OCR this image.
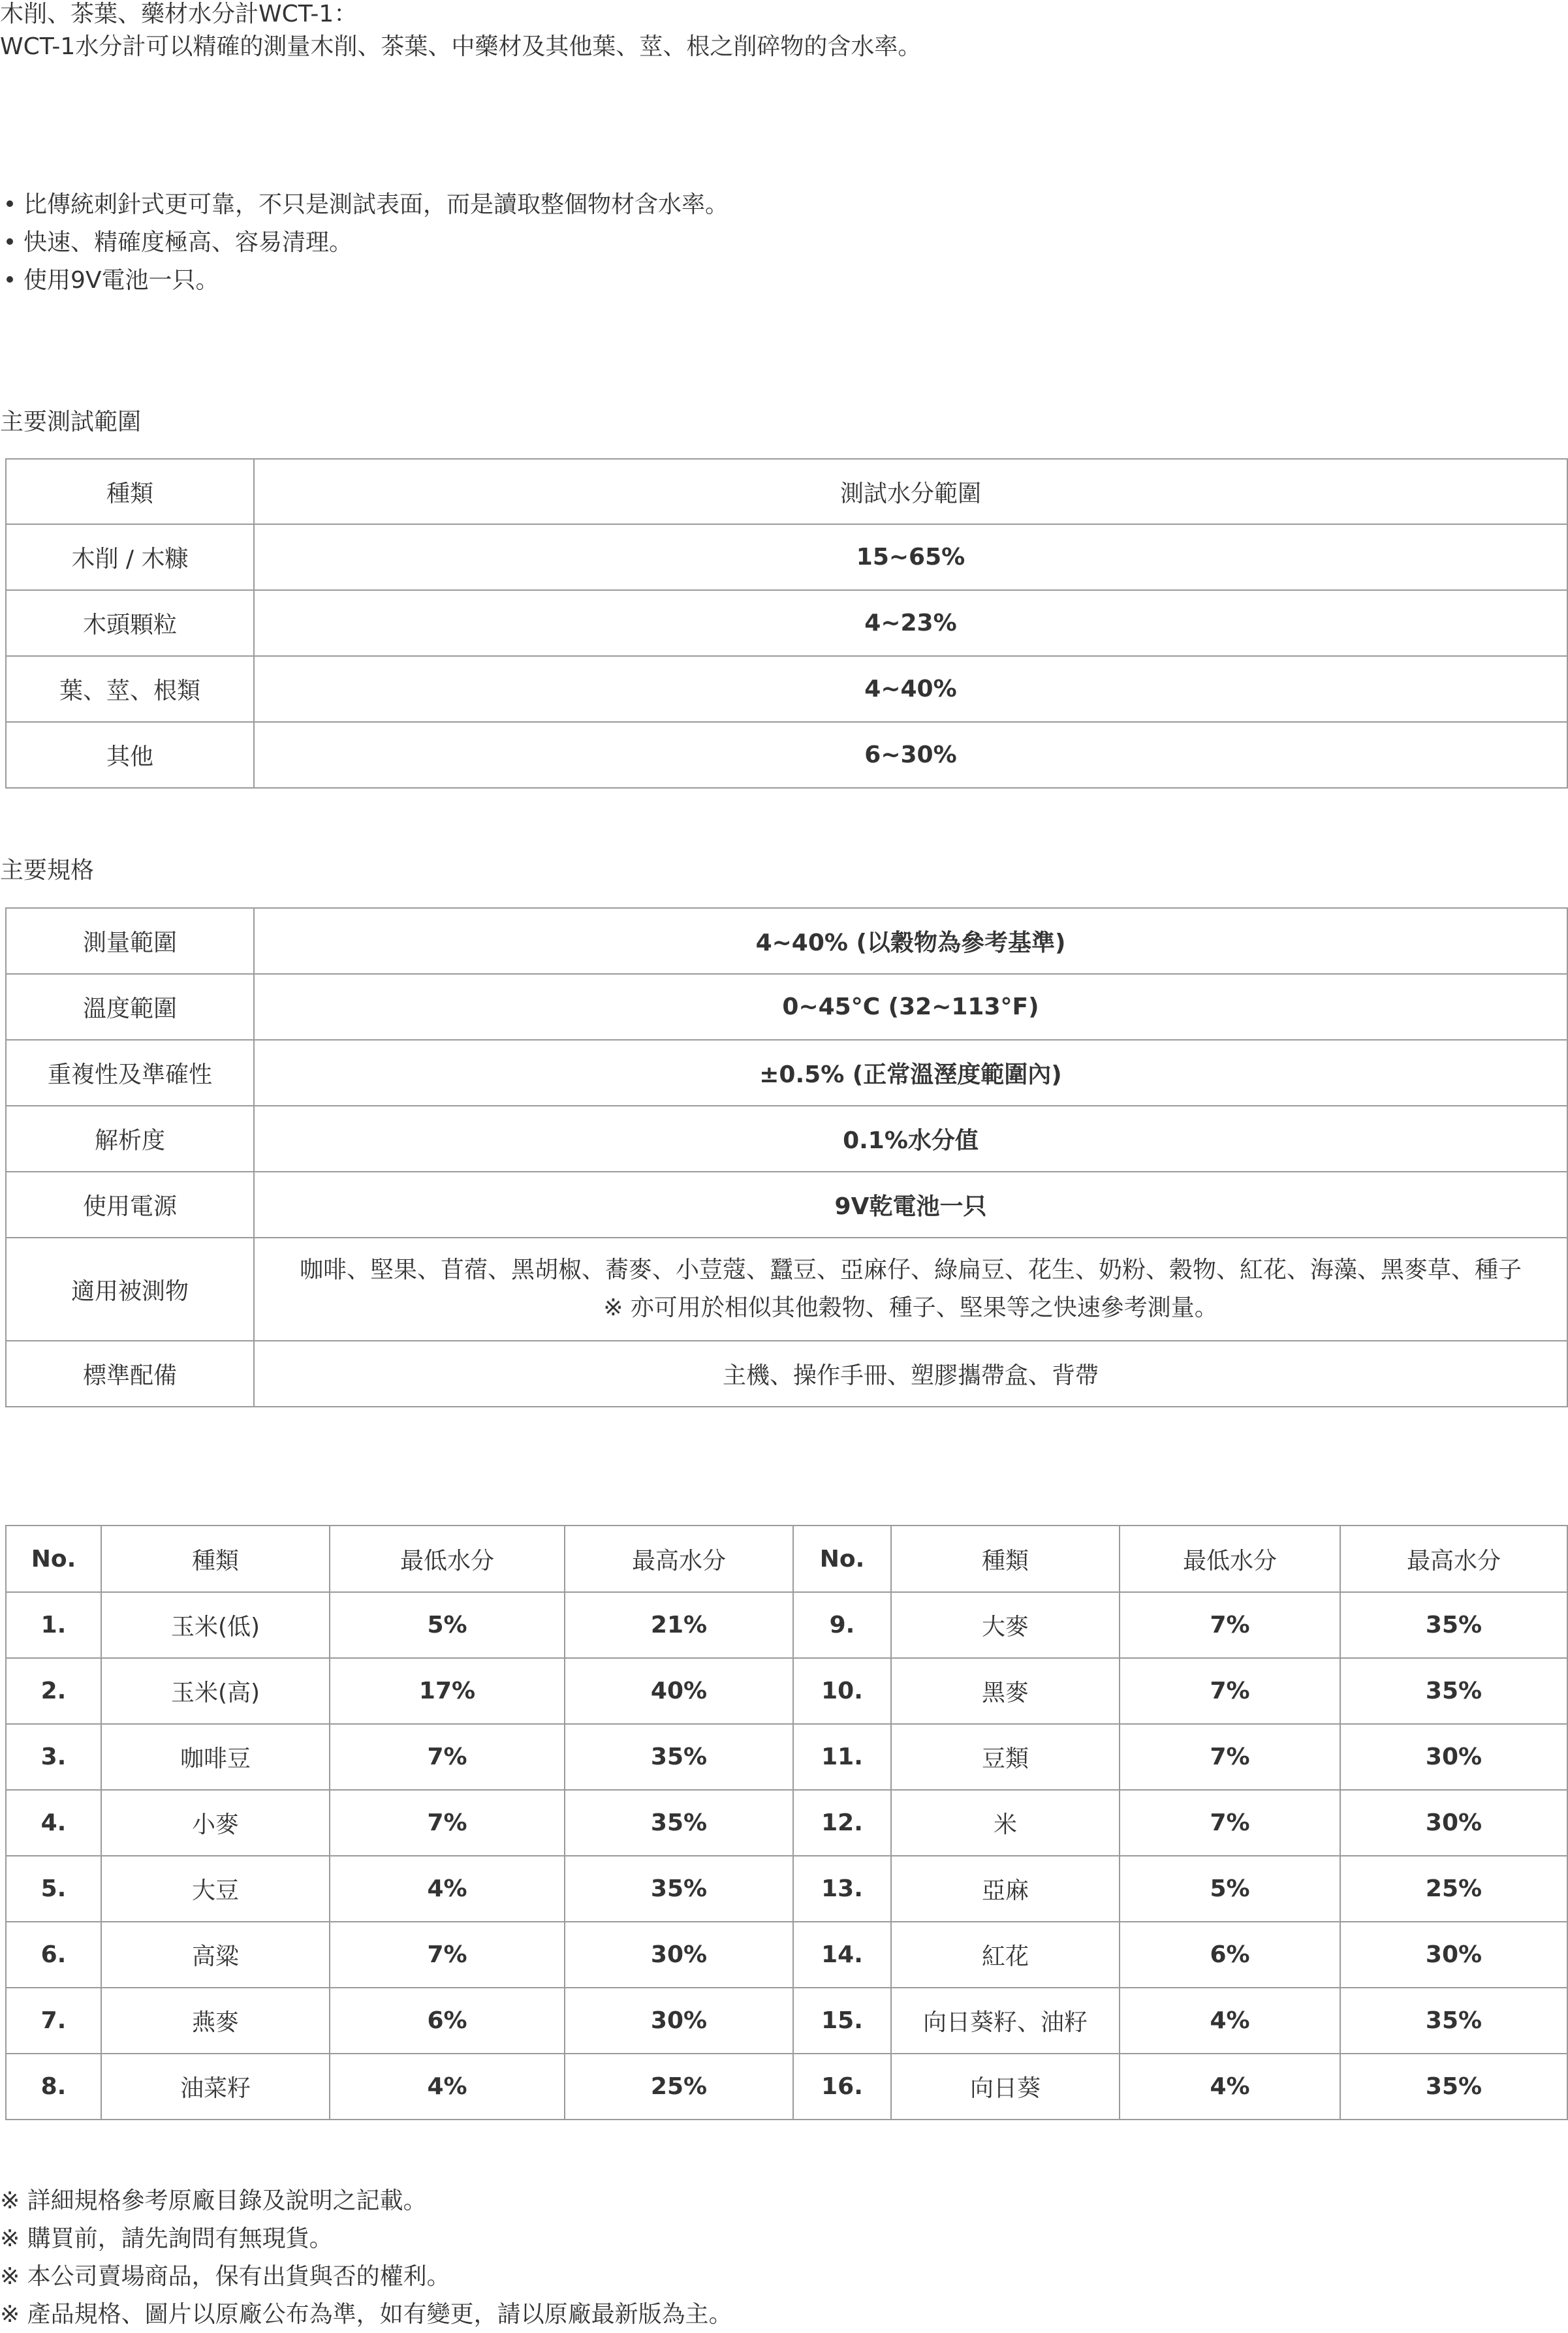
木削、茶葉、藥材水分計WCT-1：
WCT-1水分計可以精確的測量木削、茶葉、中藥材及其他葉、莖、根之削碎物的含水率。
比傳統刺針式更可靠，不只是測試表面，而是讀取整個物材含水率。
快速、精確度極高、容易清理。
使用9V電池一只。
主要測試範圍
種類	測試水分範圍
木削 / 木糠	15~65%
木頭顆粒	4~23%
葉、莖、根類	4~40%
其他	6~30%
主要規格
測量範圍	4~40% (以穀物為參考基準)
溫度範圍	0~45°C (32~113°F)
重複性及準確性	±0.5% (正常溫溼度範圍內)
解析度	0.1%水分值
使用電源	9V乾電池一只
適用被測物	咖啡、堅果、苜蓿、黑胡椒、蕎麥、小荳蔻、蠶豆、亞麻仔、綠扁豆、花生、奶粉、穀物、紅花、海藻、黑麥草、種子
※ 亦可用於相似其他穀物、種子、堅果等之快速參考測量。

標準配備	主機、操作手冊、塑膠攜帶盒、背帶
No.	種類	最低水分	最高水分	No.	種類	最低水分	最高水分
1.	玉米(低)	5%	21%	9.	大麥	7%	35%
2.	玉米(高)	17%	40%	10.	黑麥	7%	35%
3.	咖啡豆	7%	35%	11.	豆類	7%	30%
4.	小麥	7%	35%	12.	米	7%	30%
5.	大豆	4%	35%	13.	亞麻	5%	25%
6.	高粱	7%	30%	14.	紅花	6%	30%
7.	燕麥	6%	30%	15.	向日葵籽、油籽	4%	35%
8.	油菜籽	4%	25%	16.	向日葵	4%	35%
※ 詳細規格參考原廠目錄及說明之記載。
※ 購買前，請先詢問有無現貨。
※ 本公司賣場商品，保有出貨與否的權利。
※ 產品規格、圖片以原廠公布為準，如有變更，請以原廠最新版為主。
